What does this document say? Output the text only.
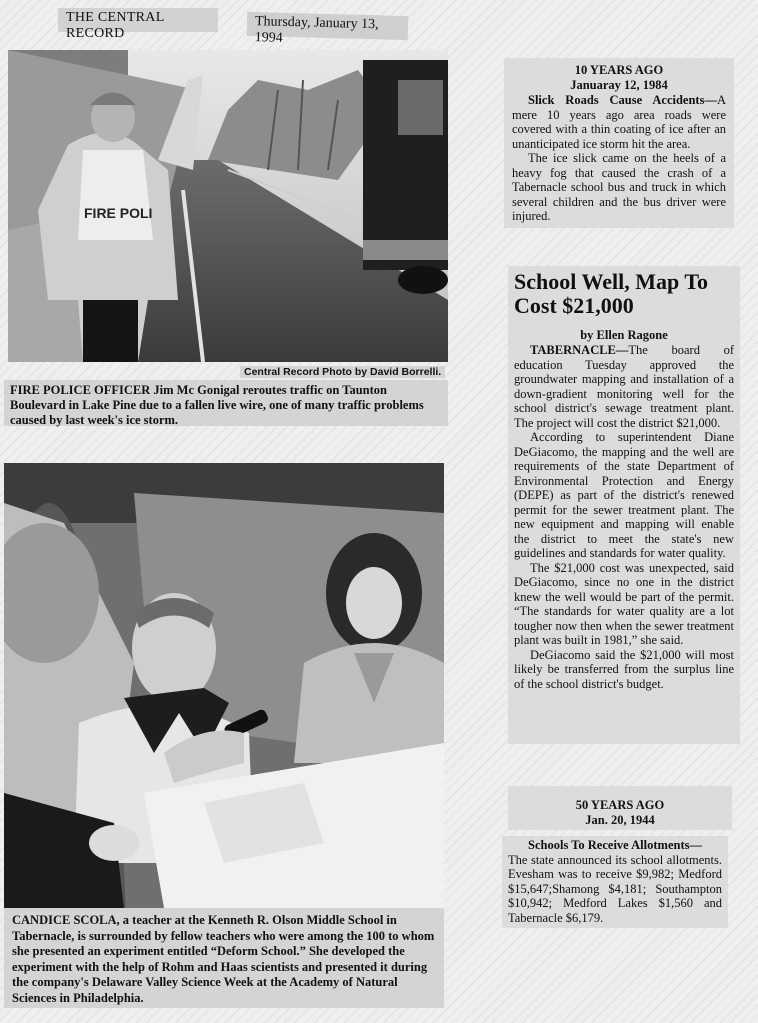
THE CENTRAL RECORD
Thursday, January 13, 1994
FIRE POLI
Central Record Photo by David Borrelli.
FIRE POLICE OFFICER Jim Mc Gonigal reroutes traffic on Taunton Boulevard in Lake Pine due to a fallen live wire, one of many traffic problems caused by last week's ice storm.
CANDICE SCOLA, a teacher at the Kenneth R. Olson Middle School in Tabernacle, is surrounded by fellow teachers who were among the 100 to whom she presented an experiment entitled “Deform School.” She developed the experiment with the help of Rohm and Haas scientists and presented it during the company's Delaware Valley Science Week at the Academy of Natural Sciences in Philadelphia.
10 YEARS AGO
Januaray 12, 1984

Slick Roads Cause Accidents—A mere 10 years ago area roads were covered with a thin coating of ice after an unanticipated ice storm hit the area.

The ice slick came on the heels of a heavy fog that caused the crash of a Tabernacle school bus and truck in which several children and the bus driver were injured.

School Well, Map To Cost $21,000
by Ellen Ragone

TABERNACLE—The board of education Tuesday approved the groundwater mapping and installation of a down-gradient monitoring well for the school district's sewage treatment plant. The project will cost the district $21,000.

According to superintendent Diane DeGiacomo, the mapping and the well are requirements of the state Department of Environmental Protection and Energy (DEPE) as part of the district's renewed permit for the sewer treatment plant. The new equipment and mapping will enable the district to meet the state's new guidelines and standards for water quality.

The $21,000 cost was unexpected, said DeGiacomo, since no one in the district knew the well would be part of the permit. “The standards for water quality are a lot tougher now then when the sewer treatment plant was built in 1981,” she said.

DeGiacomo said the $21,000 will most likely be transferred from the surplus line of the school district's budget.

50 YEARS AGO
Jan. 20, 1944
Schools To Receive Allotments—
The state announced its school allotments. Evesham was to receive $9,982; Medford $15,647;Shamong $4,181; Southampton $10,942; Medford Lakes $1,560 and Tabernacle $6,179.
